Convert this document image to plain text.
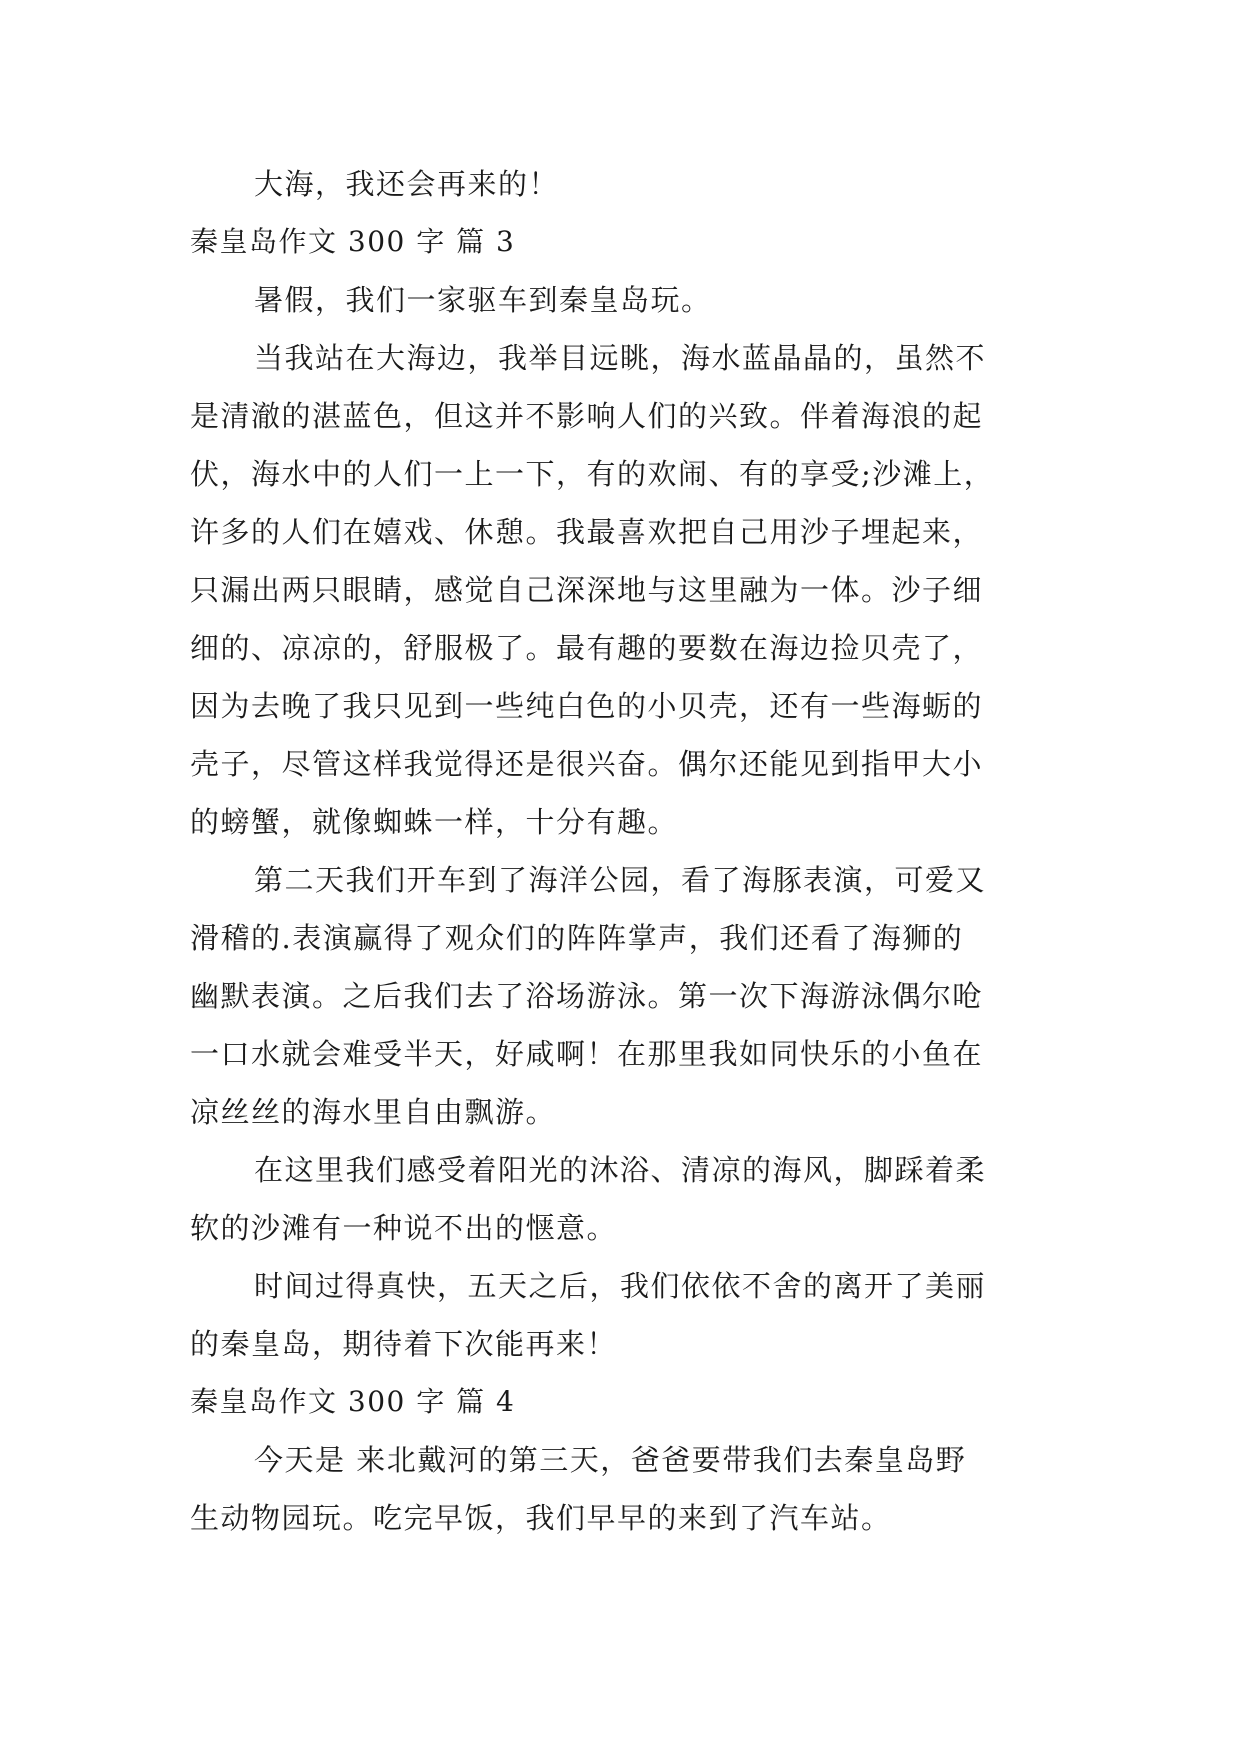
大海，我还会再来的！
秦皇岛作文 300 字 篇 3
暑假，我们一家驱车到秦皇岛玩。
当我站在大海边，我举目远眺，海水蓝晶晶的，虽然不
是清澈的湛蓝色，但这并不影响人们的兴致。伴着海浪的起
伏，海水中的人们一上一下，有的欢闹、有的享受;沙滩上，
许多的人们在嬉戏、休憩。我最喜欢把自己用沙子埋起来，
只漏出两只眼睛，感觉自己深深地与这里融为一体。沙子细
细的、凉凉的，舒服极了。最有趣的要数在海边捡贝壳了，
因为去晚了我只见到一些纯白色的小贝壳，还有一些海蛎的
壳子，尽管这样我觉得还是很兴奋。偶尔还能见到指甲大小
的螃蟹，就像蜘蛛一样，十分有趣。
第二天我们开车到了海洋公园，看了海豚表演，可爱又
滑稽的.表演赢得了观众们的阵阵掌声，我们还看了海狮的
幽默表演。之后我们去了浴场游泳。第一次下海游泳偶尔呛
一口水就会难受半天，好咸啊！在那里我如同快乐的小鱼在
凉丝丝的海水里自由飘游。
在这里我们感受着阳光的沐浴、清凉的海风，脚踩着柔
软的沙滩有一种说不出的惬意。
时间过得真快，五天之后，我们依依不舍的离开了美丽
的秦皇岛，期待着下次能再来！
秦皇岛作文 300 字 篇 4
今天是 来北戴河的第三天，爸爸要带我们去秦皇岛野
生动物园玩。吃完早饭，我们早早的来到了汽车站。
